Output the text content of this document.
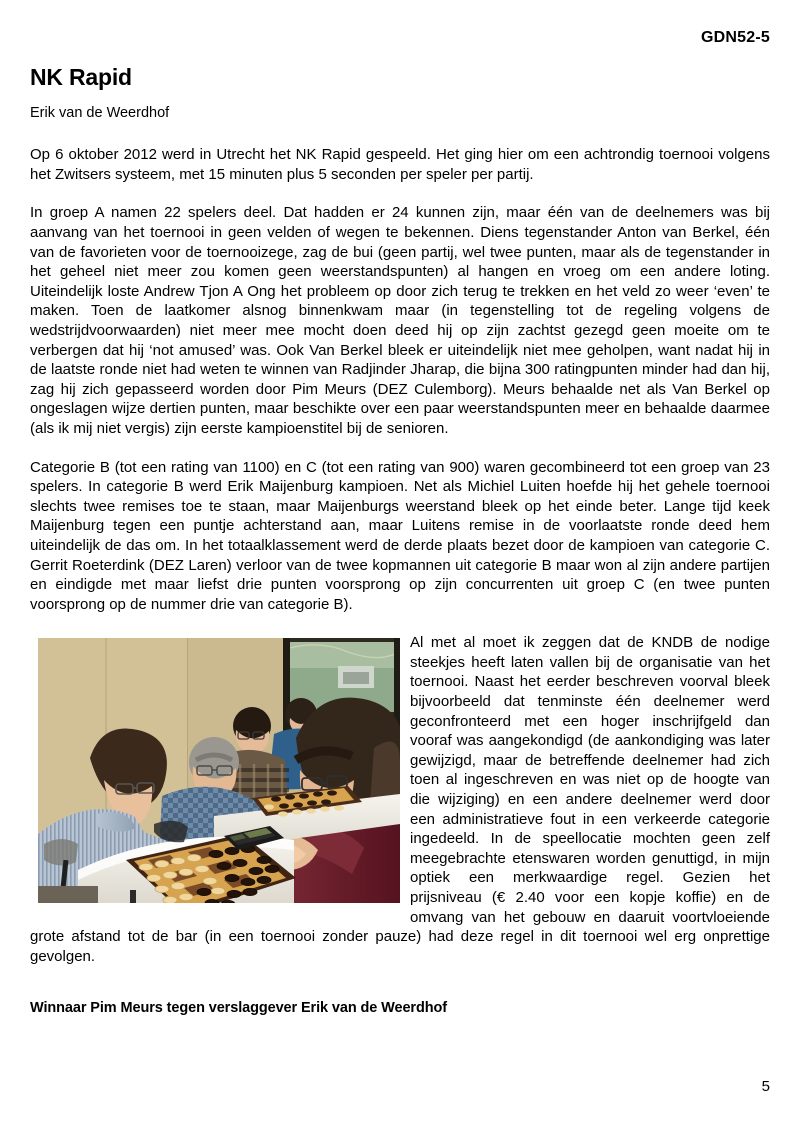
GDN52-5
NK Rapid
Erik van de Weerdhof

Op 6 oktober 2012 werd in Utrecht het NK Rapid gespeeld. Het ging hier om een achtrondig toernooi volgens het Zwitsers systeem, met 15 minuten plus 5 seconden per speler per partij.

In groep A namen 22 spelers deel. Dat hadden er 24 kunnen zijn, maar één van de deelnemers was bij aanvang van het toernooi in geen velden of wegen te bekennen. Diens tegenstander Anton van Berkel, één van de favorieten voor de toernooizege, zag de bui (geen partij, wel twee punten, maar als de tegenstander in het geheel niet meer zou komen geen weerstandspunten) al hangen en vroeg om een andere loting. Uiteindelijk loste Andrew Tjon A Ong het probleem op door zich terug te trekken en het veld zo weer ‘even’ te maken. Toen de laatkomer alsnog binnenkwam maar (in tegenstelling tot de regeling volgens de wedstrijdvoorwaarden) niet meer mee mocht doen deed hij op zijn zachtst gezegd geen moeite om te verbergen dat hij ‘not amused’ was. Ook Van Berkel bleek er uiteindelijk niet mee geholpen, want nadat hij in de laatste ronde niet had weten te winnen van Radjinder Jharap, die bijna 300 ratingpunten minder had dan hij, zag hij zich gepasseerd worden door Pim Meurs (DEZ Culemborg). Meurs behaalde net als Van Berkel op ongeslagen wijze dertien punten, maar beschikte over een paar weerstandspunten meer en behaalde daarmee (als ik mij niet vergis) zijn eerste kampioenstitel bij de senioren.

Categorie B (tot een rating van 1100) en C (tot een rating van 900) waren gecombineerd tot een groep van 23 spelers. In categorie B werd Erik Maijenburg kampioen. Net als Michiel Luiten hoefde hij het gehele toernooi slechts twee remises toe te staan, maar Maijenburgs weerstand bleek op het einde beter. Lange tijd keek Maijenburg tegen een puntje achterstand aan, maar Luitens remise in de voorlaatste ronde deed hem uiteindelijk de das om. In het totaalklassement werd de derde plaats bezet door de kampioen van categorie C. Gerrit Roeterdink (DEZ Laren) verloor van de twee kopmannen uit categorie B maar won al zijn andere partijen en eindigde met maar liefst drie punten voorsprong op zijn concurrenten uit groep C (en twee punten voorsprong op de nummer drie van categorie B).

Al met al moet ik zeggen dat de KNDB de nodige steekjes heeft laten vallen bij de organisatie van het toernooi. Naast het eerder beschreven voorval bleek bijvoorbeeld dat tenminste één deelnemer werd geconfronteerd met een hoger inschrijfgeld dan vooraf was aangekondigd (de aankondiging was later gewijzigd, maar de betreffende deelnemer had zich toen al ingeschreven en was niet op de hoogte van die wijziging) en een andere deelnemer werd door een administratieve fout in een verkeerde categorie ingedeeld. In de speellocatie mochten geen zelf meegebrachte etenswaren worden genuttigd, in mijn optiek een merkwaardige regel. Gezien het prijsniveau (€ 2.40 voor een kopje koffie) en de omvang van het gebouw en daaruit voortvloeiende grote afstand tot de bar (in een toernooi zonder pauze) had deze regel in dit toernooi wel erg onprettige gevolgen.

Winnaar Pim Meurs tegen verslaggever Erik van de Weerdhof
5
